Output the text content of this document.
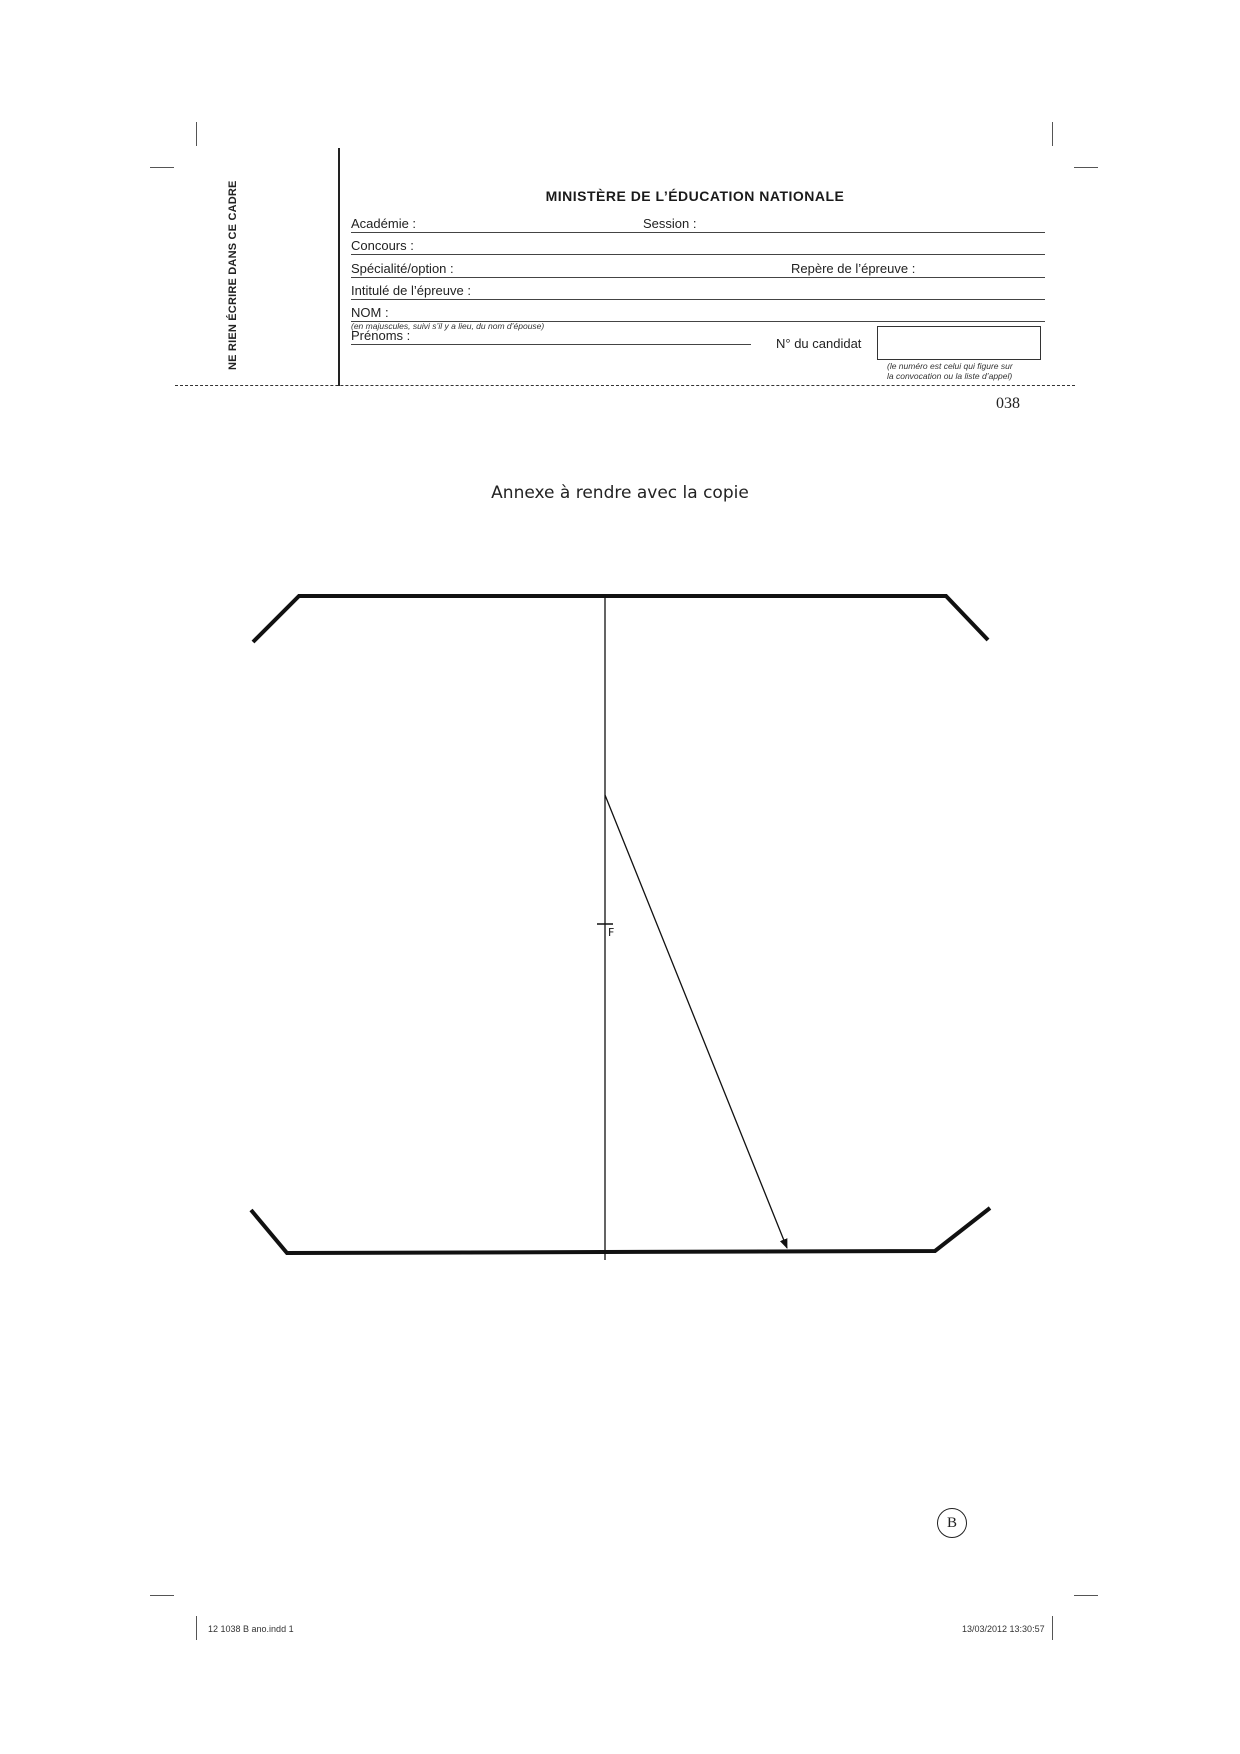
NE RIEN ÉCRIRE DANS CE CADRE	MINISTÈRE DE L’ÉDUCATION NATIONALE
Académie :	Session :
Concours :
Spécialité/option :	Repère de l’épreuve :
Intitulé de l’épreuve :
NOM :
(en majuscules, suivi s’il y a lieu, du nom d’épouse)
Prénoms :
N° du candidat
(le numéro est celui qui figure sur
la convocation ou la liste d’appel)
038
Annexe à rendre avec la copie
F
B
12 1038 B ano.indd 1	13/03/2012 13:30:57
